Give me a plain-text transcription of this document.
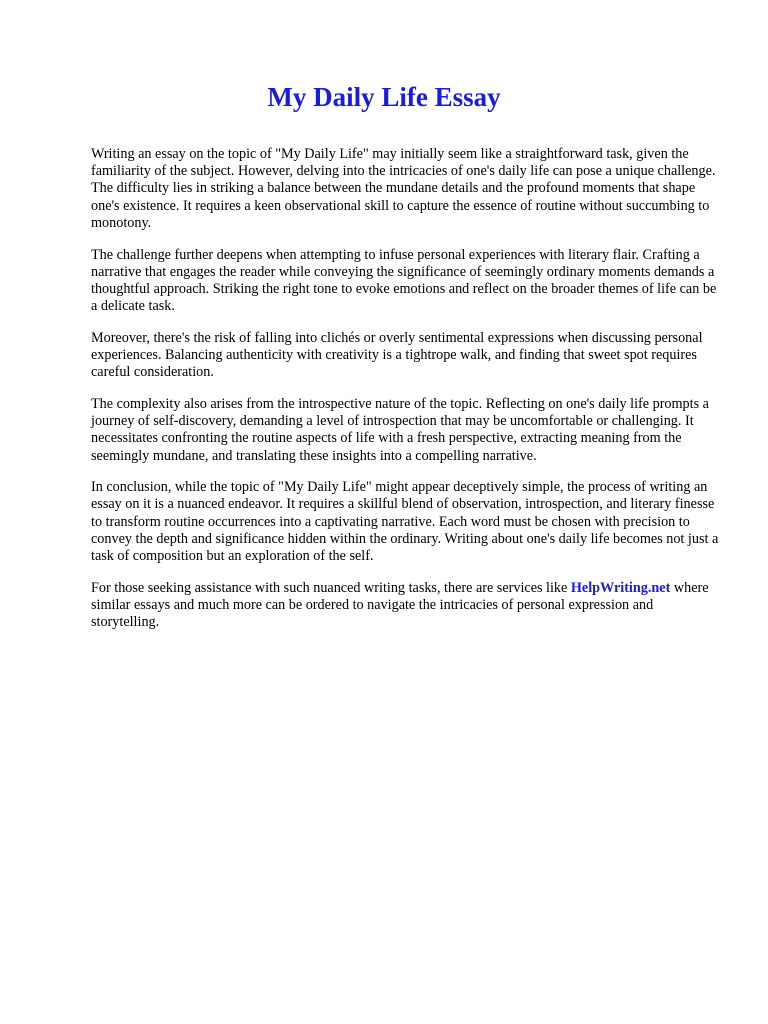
My Daily Life Essay

Writing an essay on the topic of "My Daily Life" may initially seem like a straightforward task, given the familiarity of the subject. However, delving into the intricacies of one's daily life can pose a unique challenge. The difficulty lies in striking a balance between the mundane details and the profound moments that shape one's existence. It requires a keen observational skill to capture the essence of routine without succumbing to monotony.

The challenge further deepens when attempting to infuse personal experiences with literary flair. Crafting a narrative that engages the reader while conveying the significance of seemingly ordinary moments demands a thoughtful approach. Striking the right tone to evoke emotions and reflect on the broader themes of life can be a delicate task.

Moreover, there's the risk of falling into clichés or overly sentimental expressions when discussing personal experiences. Balancing authenticity with creativity is a tightrope walk, and finding that sweet spot requires careful consideration.

The complexity also arises from the introspective nature of the topic. Reflecting on one's daily life prompts a journey of self-discovery, demanding a level of introspection that may be uncomfortable or challenging. It necessitates confronting the routine aspects of life with a fresh perspective, extracting meaning from the seemingly mundane, and translating these insights into a compelling narrative.

In conclusion, while the topic of "My Daily Life" might appear deceptively simple, the process of writing an essay on it is a nuanced endeavor. It requires a skillful blend of observation, introspection, and literary finesse to transform routine occurrences into a captivating narrative. Each word must be chosen with precision to convey the depth and significance hidden within the ordinary. Writing about one's daily life becomes not just a task of composition but an exploration of the self.

For those seeking assistance with such nuanced writing tasks, there are services like HelpWriting.net where similar essays and much more can be ordered to navigate the intricacies of personal expression and storytelling.
